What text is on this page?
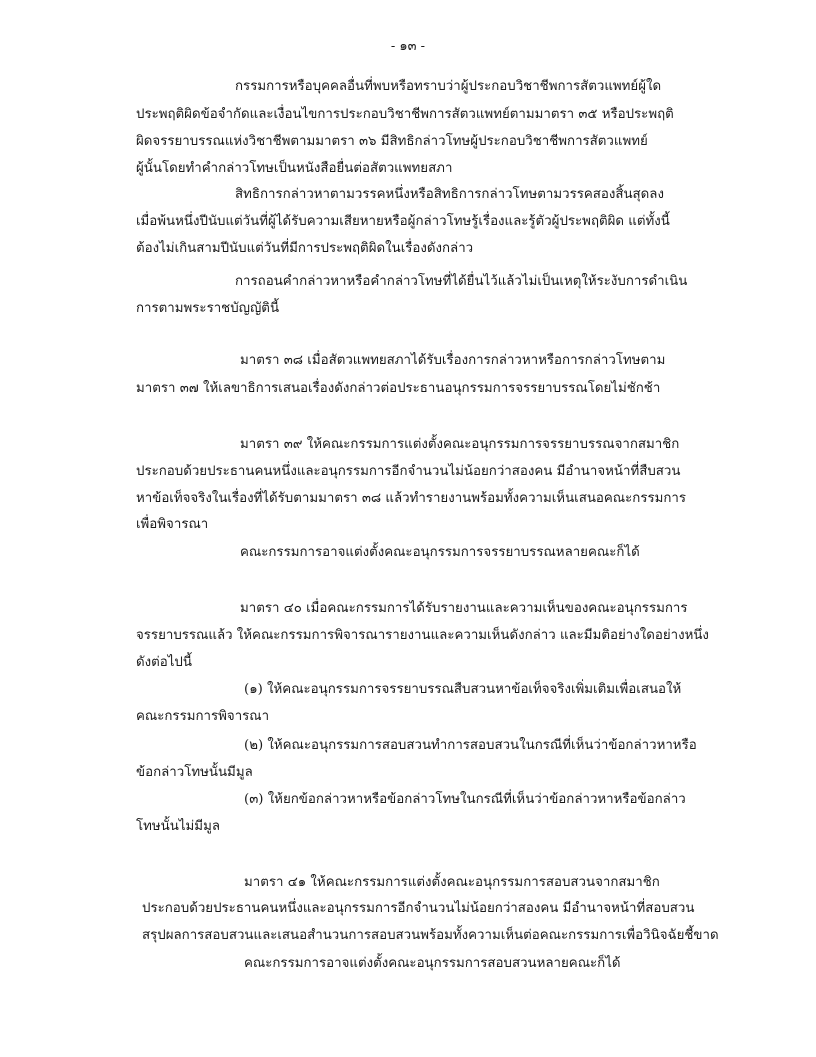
- ๑๓ -
กรรมการหรือบุคคลอื่นที่พบหรือทราบว่าผู้ประกอบวิชาชีพการสัตวแพทย์ผู้ใด
ประพฤติผิดข้อจำกัดและเงื่อนไขการประกอบวิชาชีพการสัตวแพทย์ตามมาตรา ๓๕ หรือประพฤติ
ผิดจรรยาบรรณแห่งวิชาชีพตามมาตรา ๓๖ มีสิทธิกล่าวโทษผู้ประกอบวิชาชีพการสัตวแพทย์
ผู้นั้นโดยทำคำกล่าวโทษเป็นหนังสือยื่นต่อสัตวแพทยสภา
สิทธิการกล่าวหาตามวรรคหนึ่งหรือสิทธิการกล่าวโทษตามวรรคสองสิ้นสุดลง
เมื่อพ้นหนึ่งปีนับแต่วันที่ผู้ได้รับความเสียหายหรือผู้กล่าวโทษรู้เรื่องและรู้ตัวผู้ประพฤติผิด แต่ทั้งนี้
ต้องไม่เกินสามปีนับแต่วันที่มีการประพฤติผิดในเรื่องดังกล่าว
การถอนคำกล่าวหาหรือคำกล่าวโทษที่ได้ยื่นไว้แล้วไม่เป็นเหตุให้ระงับการดำเนิน
การตามพระราชบัญญัตินี้
มาตรา ๓๘ เมื่อสัตวแพทยสภาได้รับเรื่องการกล่าวหาหรือการกล่าวโทษตาม
มาตรา ๓๗ ให้เลขาธิการเสนอเรื่องดังกล่าวต่อประธานอนุกรรมการจรรยาบรรณโดยไม่ชักช้า
มาตรา ๓๙ ให้คณะกรรมการแต่งตั้งคณะอนุกรรมการจรรยาบรรณจากสมาชิก
ประกอบด้วยประธานคนหนึ่งและอนุกรรมการอีกจำนวนไม่น้อยกว่าสองคน มีอำนาจหน้าที่สืบสวน
หาข้อเท็จจริงในเรื่องที่ได้รับตามมาตรา ๓๘ แล้วทำรายงานพร้อมทั้งความเห็นเสนอคณะกรรมการ
เพื่อพิจารณา
คณะกรรมการอาจแต่งตั้งคณะอนุกรรมการจรรยาบรรณหลายคณะก็ได้
มาตรา ๔๐ เมื่อคณะกรรมการได้รับรายงานและความเห็นของคณะอนุกรรมการ
จรรยาบรรณแล้ว ให้คณะกรรมการพิจารณารายงานและความเห็นดังกล่าว และมีมติอย่างใดอย่างหนึ่ง
ดังต่อไปนี้
(๑) ให้คณะอนุกรรมการจรรยาบรรณสืบสวนหาข้อเท็จจริงเพิ่มเติมเพื่อเสนอให้
คณะกรรมการพิจารณา
(๒) ให้คณะอนุกรรมการสอบสวนทำการสอบสวนในกรณีที่เห็นว่าข้อกล่าวหาหรือ
ข้อกล่าวโทษนั้นมีมูล
(๓) ให้ยกข้อกล่าวหาหรือข้อกล่าวโทษในกรณีที่เห็นว่าข้อกล่าวหาหรือข้อกล่าว
โทษนั้นไม่มีมูล
มาตรา ๔๑ ให้คณะกรรมการแต่งตั้งคณะอนุกรรมการสอบสวนจากสมาชิก
ประกอบด้วยประธานคนหนึ่งและอนุกรรมการอีกจำนวนไม่น้อยกว่าสองคน มีอำนาจหน้าที่สอบสวน
สรุปผลการสอบสวนและเสนอสำนวนการสอบสวนพร้อมทั้งความเห็นต่อคณะกรรมการเพื่อวินิจฉัยชี้ขาด
คณะกรรมการอาจแต่งตั้งคณะอนุกรรมการสอบสวนหลายคณะก็ได้
